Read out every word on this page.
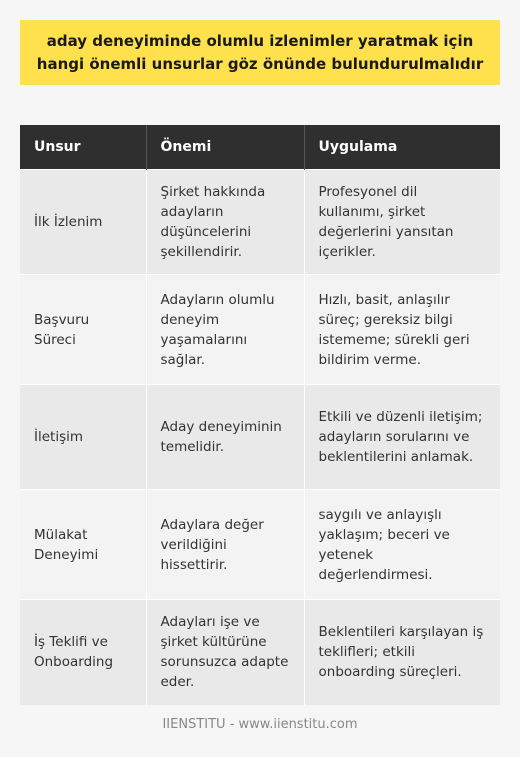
aday deneyiminde olumlu izlenimler yaratmak için hangi önemli unsurlar göz önünde bulundurulmalıdır
Unsur	Önemi	Uygulama
İlk İzlenim	Şirket hakkında adayların düşüncelerini şekillendirir.	Profesyonel dil kullanımı, şirket değerlerini yansıtan içerikler.
Başvuru Süreci	Adayların olumlu deneyim yaşamalarını sağlar.	Hızlı, basit, anlaşılır süreç; gereksiz bilgi istememe; sürekli geri bildirim verme.
İletişim	Aday deneyiminin temelidir.	Etkili ve düzenli iletişim; adayların sorularını ve beklentilerini anlamak.
Mülakat Deneyimi	Adaylara değer verildiğini hissettirir.	saygılı ve anlayışlı yaklaşım; beceri ve yetenek değerlendirmesi.
İş Teklifi ve Onboarding	Adayları işe ve şirket kültürüne sorunsuzca adapte eder.	Beklentileri karşılayan iş teklifleri; etkili onboarding süreçleri.
IIENSTITU - www.iienstitu.com
